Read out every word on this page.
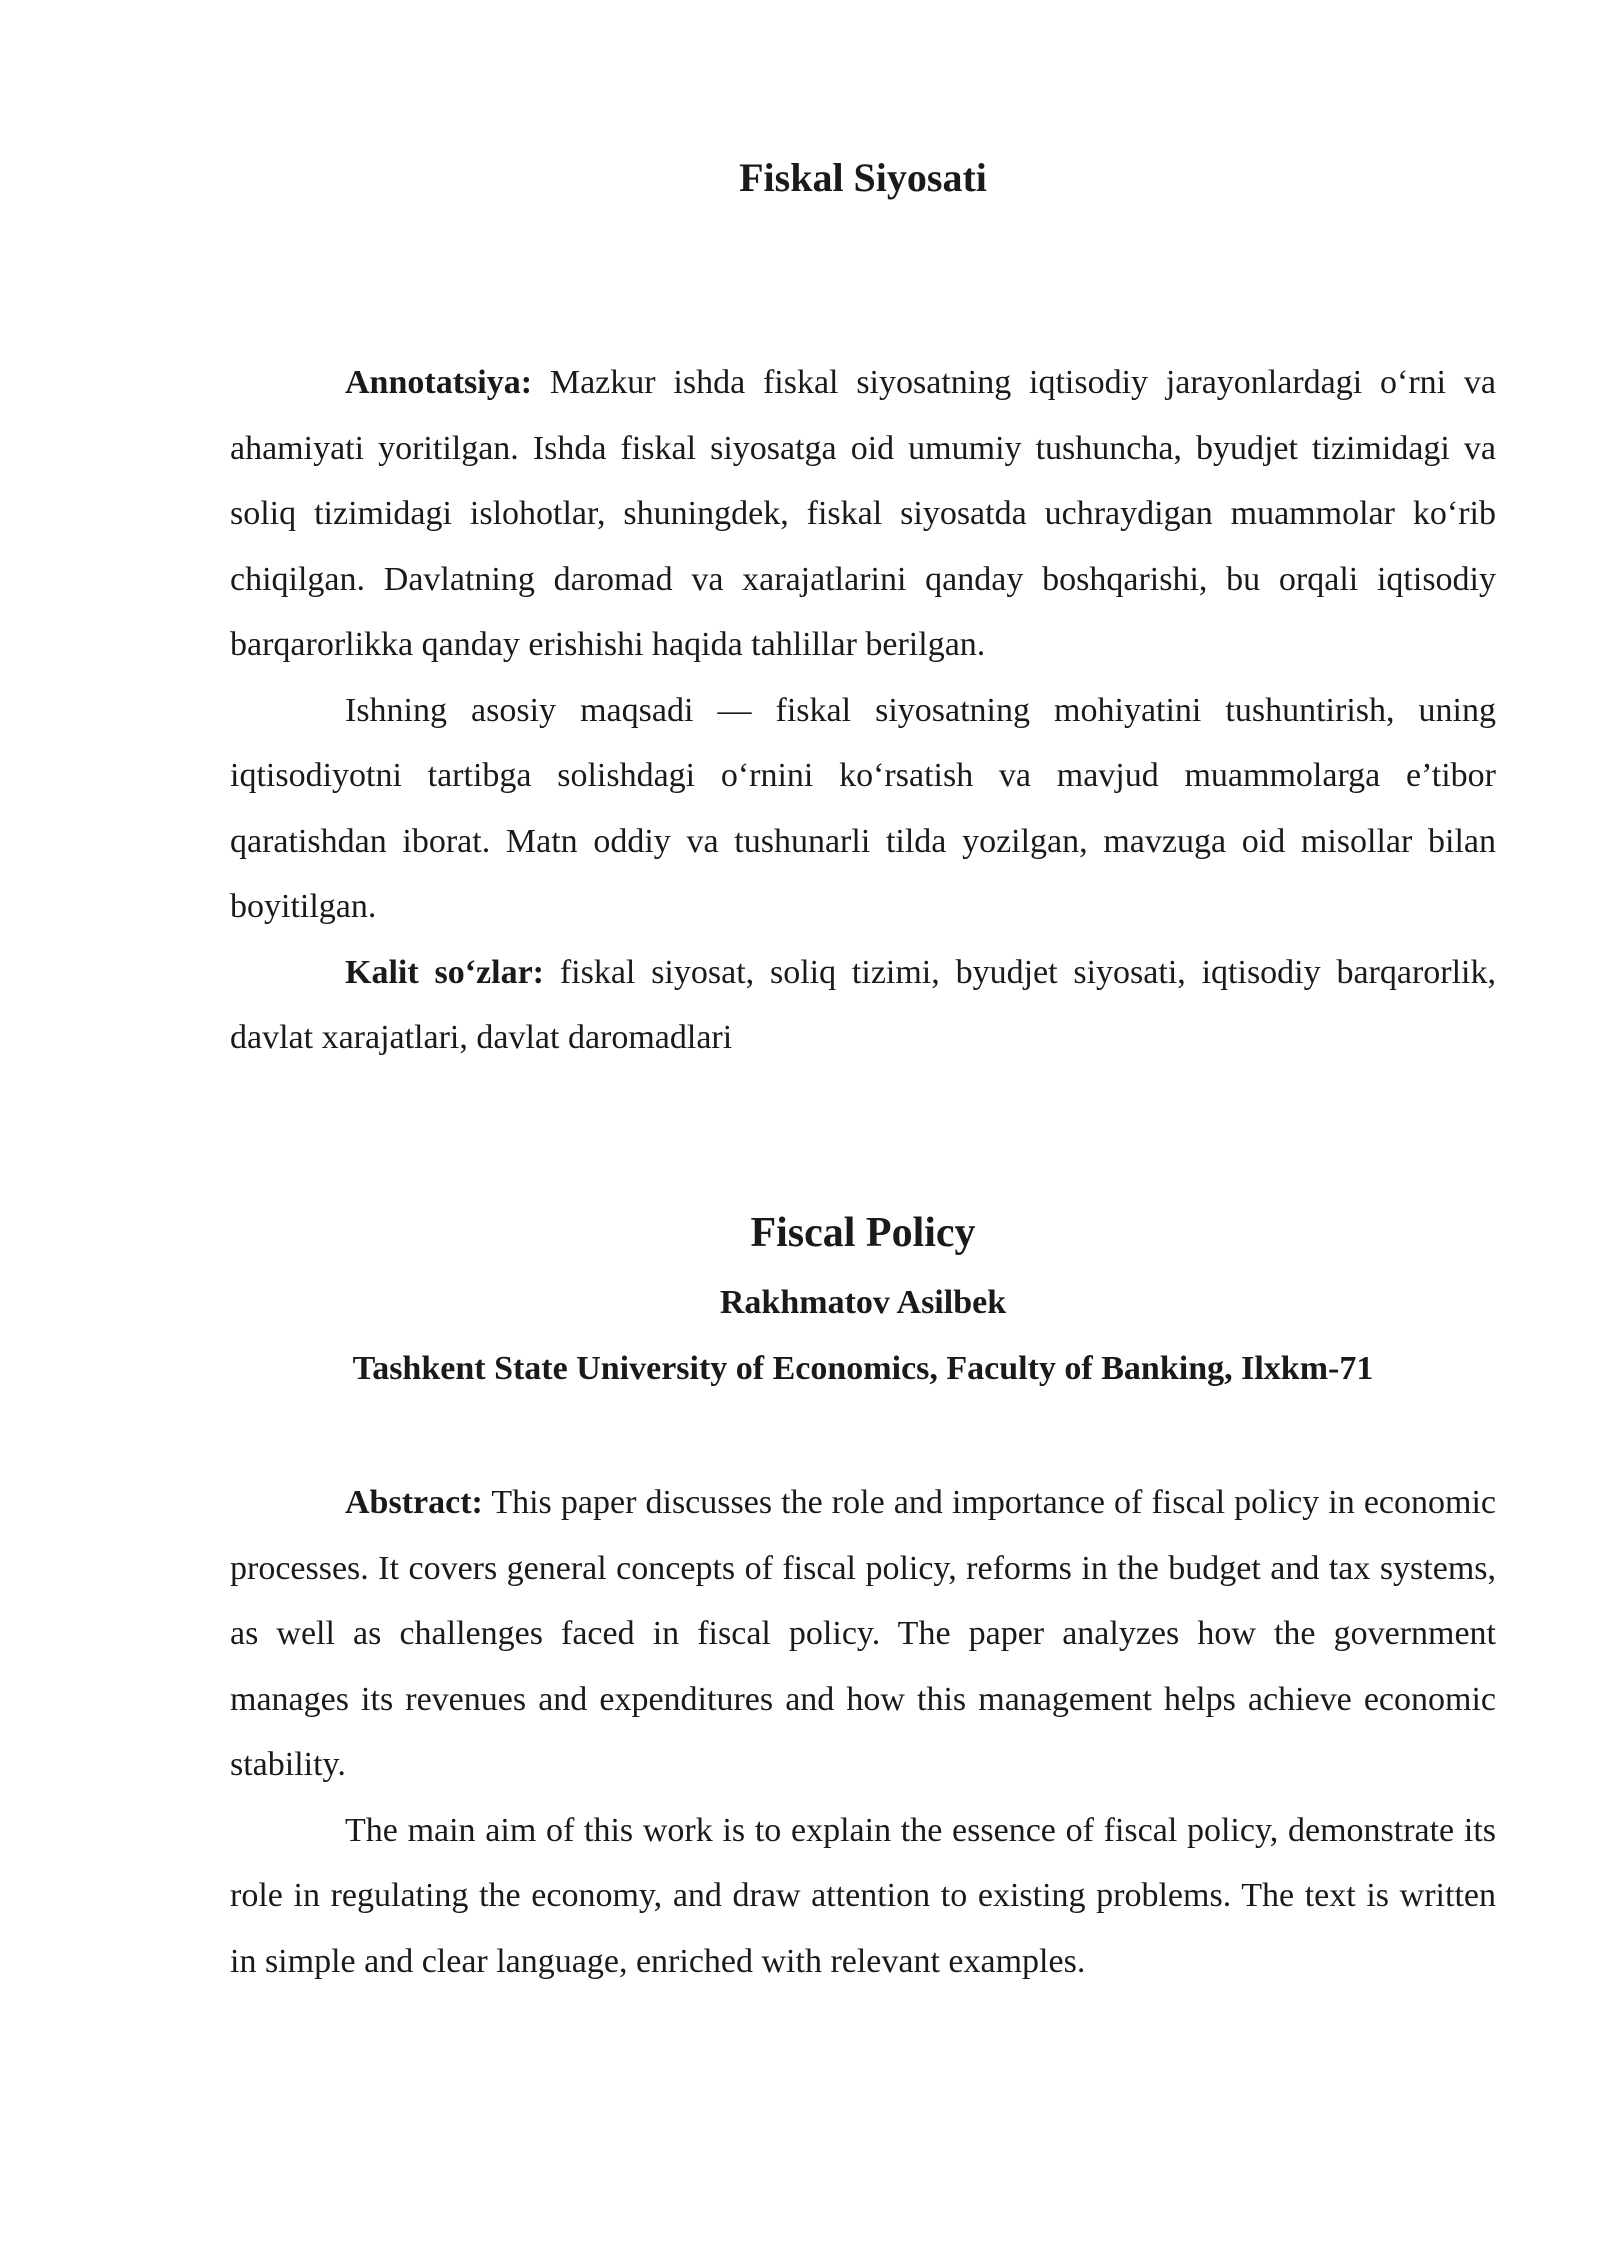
Fiskal Siyosati

Annotatsiya: Mazkur ishda fiskal siyosatning iqtisodiy jarayonlardagi o‘rni va ahamiyati yoritilgan. Ishda fiskal siyosatga oid umumiy tushuncha, byudjet tizimidagi va soliq tizimidagi islohotlar, shuningdek, fiskal siyosatda uchraydigan muammolar ko‘rib chiqilgan. Davlatning daromad va xarajatlarini qanday boshqarishi, bu orqali iqtisodiy barqarorlikka qanday erishishi haqida tahlillar berilgan.

Ishning asosiy maqsadi — fiskal siyosatning mohiyatini tushuntirish, uning iqtisodiyotni tartibga solishdagi o‘rnini ko‘rsatish va mavjud muammolarga e’tibor qaratishdan iborat. Matn oddiy va tushunarli tilda yozilgan, mavzuga oid misollar bilan boyitilgan.

Kalit so‘zlar: fiskal siyosat, soliq tizimi, byudjet siyosati, iqtisodiy barqarorlik, davlat xarajatlari, davlat daromadlari

Fiscal Policy
Rakhmatov Asilbek
Tashkent State University of Economics, Faculty of Banking, Ilxkm-71

Abstract: This paper discusses the role and importance of fiscal policy in economic processes. It covers general concepts of fiscal policy, reforms in the budget and tax systems, as well as challenges faced in fiscal policy. The paper analyzes how the government manages its revenues and expenditures and how this management helps achieve economic stability.

The main aim of this work is to explain the essence of fiscal policy, demonstrate its role in regulating the economy, and draw attention to existing problems. The text is written in simple and clear language, enriched with relevant examples.
